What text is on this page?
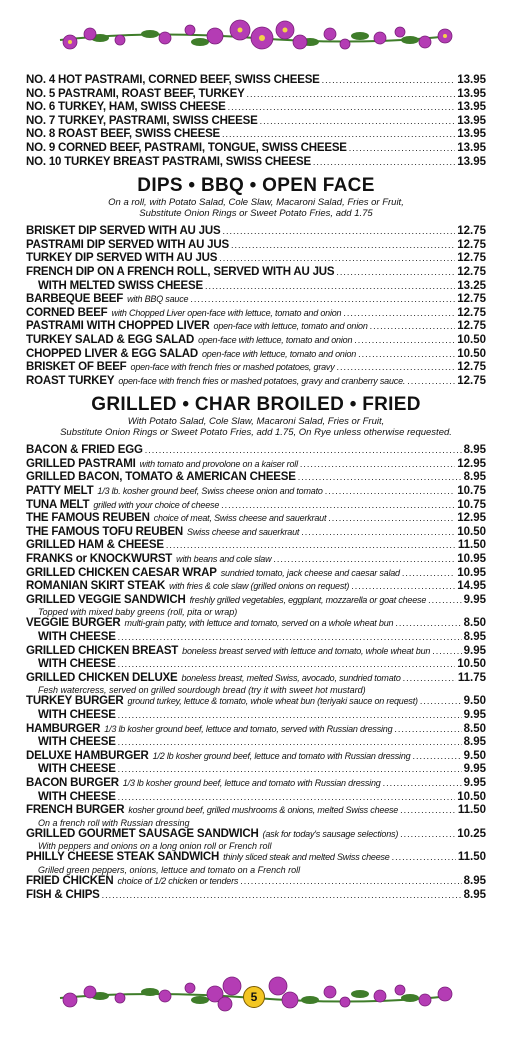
NO. 4 HOT PASTRAMI, CORNED BEEF, SWISS CHEESE .....	13.95
NO. 5 PASTRAMI, ROAST BEEF, TURKEY .....	13.95
NO. 6 TURKEY, HAM, SWISS CHEESE .....	13.95
NO. 7 TURKEY, PASTRAMI, SWISS CHEESE .....	13.95
NO. 8 ROAST BEEF, SWISS CHEESE .....	13.95
NO. 9 CORNED BEEF, PASTRAMI, TONGUE, SWISS CHEESE .....	13.95
NO. 10 TURKEY BREAST PASTRAMI, SWISS CHEESE .....	13.95
DIPS • BBQ • OPEN FACE
On a roll, with Potato Salad, Cole Slaw, Macaroni Salad, Fries or Fruit,
Substitute Onion Rings or Sweet Potato Fries, add 1.75
BRISKET DIP SERVED WITH AU JUS .....	12.75
PASTRAMI DIP SERVED WITH AU JUS .....	12.75
TURKEY DIP SERVED WITH AU JUS .....	12.75
FRENCH DIP ON A FRENCH ROLL, SERVED WITH AU JUS .....	12.75
WITH MELTED SWISS CHEESE .....	13.25
BARBEQUE BEEF with BBQ sauce .....	12.75
CORNED BEEF with Chopped Liver open-face with lettuce, tomato and onion .....	12.75
PASTRAMI WITH CHOPPED LIVER open-face with lettuce, tomato and onion .....	12.75
TURKEY SALAD & EGG SALAD open-face with lettuce, tomato and onion .....	10.50
CHOPPED LIVER & EGG SALAD open-face with lettuce, tomato and onion .....	10.50
BRISKET OF BEEF open-face with french fries or mashed potatoes, gravy .....	12.75
ROAST TURKEY open-face with french fries or mashed potatoes, gravy and cranberry sauce. .....	12.75
GRILLED • CHAR BROILED • FRIED
With Potato Salad, Cole Slaw, Macaroni Salad, Fries or Fruit,
Substitute Onion Rings or Sweet Potato Fries, add 1.75, On Rye unless otherwise requested.
BACON & FRIED EGG .....	8.95
GRILLED PASTRAMI with tomato and provolone on a kaiser roll .....	12.95
GRILLED BACON, TOMATO & AMERICAN CHEESE .....	8.95
PATTY MELT 1/3 lb. kosher ground beef, Swiss cheese onion and tomato .....	10.75
TUNA MELT grilled with your choice of cheese .....	10.75
THE FAMOUS REUBEN choice of meat, Swiss cheese and sauerkraut .....	12.95
THE FAMOUS TOFU REUBEN Swiss cheese and sauerkraut .....	10.50
GRILLED HAM & CHEESE .....	11.50
FRANKS or KNOCKWURST with beans and cole slaw .....	10.95
GRILLED CHICKEN CAESAR WRAP sundried tomato, jack cheese and caesar salad .....	10.95
ROMANIAN SKIRT STEAK with fries & cole slaw (grilled onions on request) .....	14.95
GRILLED VEGGIE SANDWICH freshly grilled vegetables, eggplant, mozzarella or goat cheese .....	9.95
Topped with mixed baby greens (roll, pita or wrap)
VEGGIE BURGER multi-grain patty, with lettuce and tomato, served on a whole wheat bun .....	8.50
WITH CHEESE .....	8.95
GRILLED CHICKEN BREAST boneless breast served with lettuce and tomato, whole wheat bun .....	9.95
WITH CHEESE .....	10.50
GRILLED CHICKEN DELUXE boneless breast, melted Swiss, avocado, sundried tomato .....	11.75
Fesh watercress, served on grilled sourdough bread (try it with sweet hot mustard)
TURKEY BURGER ground turkey, lettuce & tomato, whole wheat bun (teriyaki sauce on request) .....	9.50
WITH CHEESE .....	9.95
HAMBURGER 1/3 lb kosher ground beef, lettuce and tomato, served with Russian dressing .....	8.50
WITH CHEESE .....	8.95
DELUXE HAMBURGER 1/2 lb kosher ground beef, lettuce and tomato with Russian dressing .....	9.50
WITH CHEESE .....	9.95
BACON BURGER 1/3 lb kosher ground beef, lettuce and tomato with Russian dressing .....	9.95
WITH CHEESE .....	10.50
FRENCH BURGER kosher ground beef, grilled mushrooms & onions, melted Swiss cheese .....	11.50
On a french roll with Russian dressing
GRILLED GOURMET SAUSAGE SANDWICH (ask for today's sausage selections) .....	10.25
With peppers and onions on a long onion roll or French roll
PHILLY CHEESE STEAK SANDWICH thinly sliced steak and melted Swiss cheese .....	11.50
Grilled green peppers, onions, lettuce and tomato on a French roll
FRIED CHICKEN choice of 1/2 chicken or tenders .....	8.95
FISH & CHIPS .....	8.95
5
